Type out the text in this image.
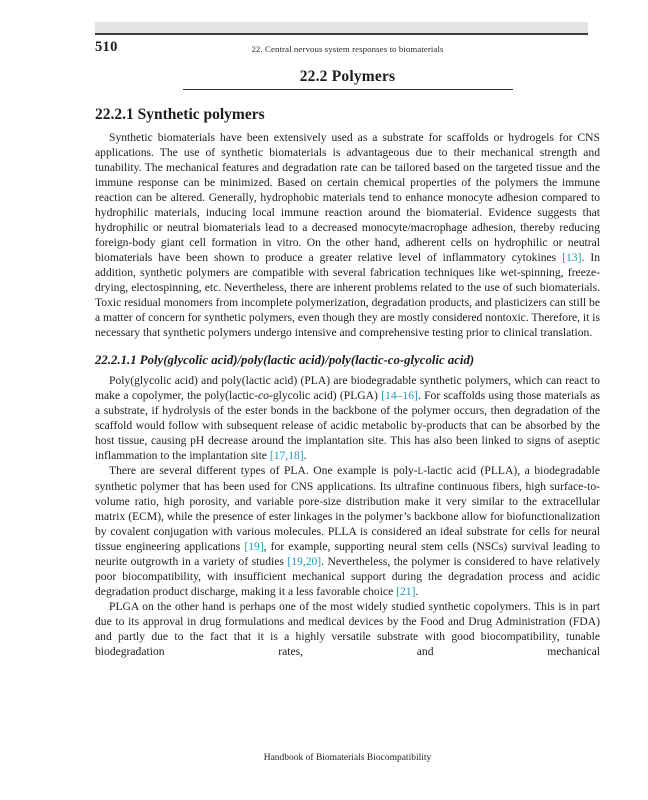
510	22. Central nervous system responses to biomaterials
22.2 Polymers
22.2.1 Synthetic polymers

Synthetic biomaterials have been extensively used as a substrate for scaffolds or hydrogels for CNS applications. The use of synthetic biomaterials is advantageous due to their mechanical strength and tunability. The mechanical features and degradation rate can be tailored based on the targeted tissue and the immune response can be minimized. Based on certain chemical properties of the polymers the immune reaction can be altered. Generally, hydrophobic materials tend to enhance monocyte adhesion compared to hydrophilic materials, inducing local immune reaction around the biomaterial. Evidence suggests that hydrophilic or neutral biomaterials lead to a decreased monocyte/macrophage adhesion, thereby reducing foreign-body giant cell formation in vitro. On the other hand, adherent cells on hydrophilic or neutral biomaterials have been shown to produce a greater relative level of inflammatory cytokines [13]. In addition, synthetic polymers are compatible with several fabrication techniques like wet-spinning, freeze-drying, electospinning, etc. Nevertheless, there are inherent problems related to the use of such biomaterials. Toxic residual monomers from incomplete polymerization, degradation products, and plasticizers can still be a matter of concern for synthetic polymers, even though they are mostly considered nontoxic. Therefore, it is necessary that synthetic polymers undergo intensive and comprehensive testing prior to clinical translation.

22.2.1.1 Poly(glycolic acid)/poly(lactic acid)/poly(lactic-co-glycolic acid)

Poly(glycolic acid) and poly(lactic acid) (PLA) are biodegradable synthetic polymers, which can react to make a copolymer, the poly(lactic-co-glycolic acid) (PLGA) [14–16]. For scaffolds using those materials as a substrate, if hydrolysis of the ester bonds in the backbone of the polymer occurs, then degradation of the scaffold would follow with subsequent release of acidic metabolic by-products that can be absorbed by the host tissue, causing pH decrease around the implantation site. This has also been linked to signs of aseptic inflammation to the implantation site [17,18].

There are several different types of PLA. One example is poly-L-lactic acid (PLLA), a biodegradable synthetic polymer that has been used for CNS applications. Its ultrafine continuous fibers, high surface-to-volume ratio, high porosity, and variable pore-size distribution make it very similar to the extracellular matrix (ECM), while the presence of ester linkages in the polymer’s backbone allow for biofunctionalization by covalent conjugation with various molecules. PLLA is considered an ideal substrate for cells for neural tissue engineering applications [19], for example, supporting neural stem cells (NSCs) survival leading to neurite outgrowth in a variety of studies [19,20]. Nevertheless, the polymer is considered to have relatively poor biocompatibility, with insufficient mechanical support during the degradation process and acidic degradation product discharge, making it a less favorable choice [21].

PLGA on the other hand is perhaps one of the most widely studied synthetic copolymers. This is in part due to its approval in drug formulations and medical devices by the Food and Drug Administration (FDA) and partly due to the fact that it is a highly versatile substrate with good biocompatibility, tunable biodegradation rates, and mechanical

Handbook of Biomaterials Biocompatibility
